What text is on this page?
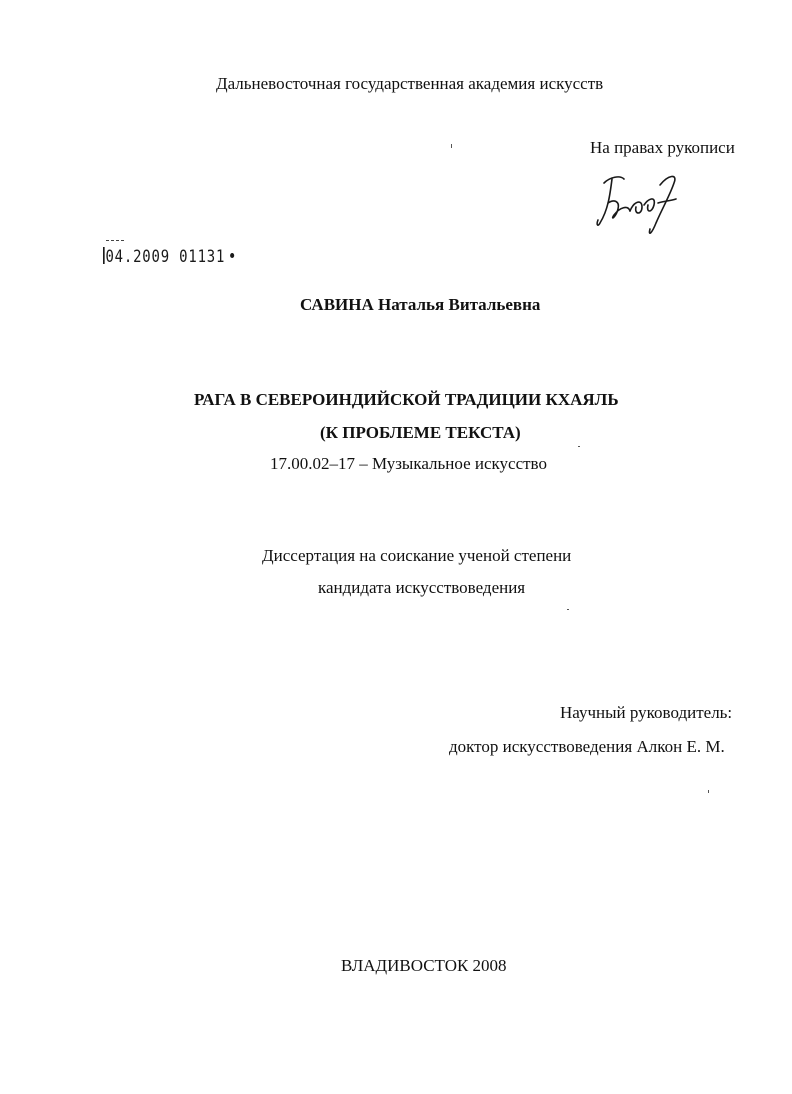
Дальневосточная государственная академия искусств
На правах рукописи
04.2009 01131
САВИНА Наталья Витальевна
РАГА В СЕВЕРОИНДИЙСКОЙ ТРАДИЦИИ КХАЯЛЬ
(К ПРОБЛЕМЕ ТЕКСТА)
17.00.02–17 – Музыкальное искусство
Диссертация на соискание ученой степени
кандидата искусствоведения
Научный руководитель:
доктор искусствоведения Алкон Е. М.
ВЛАДИВОСТОК 2008
